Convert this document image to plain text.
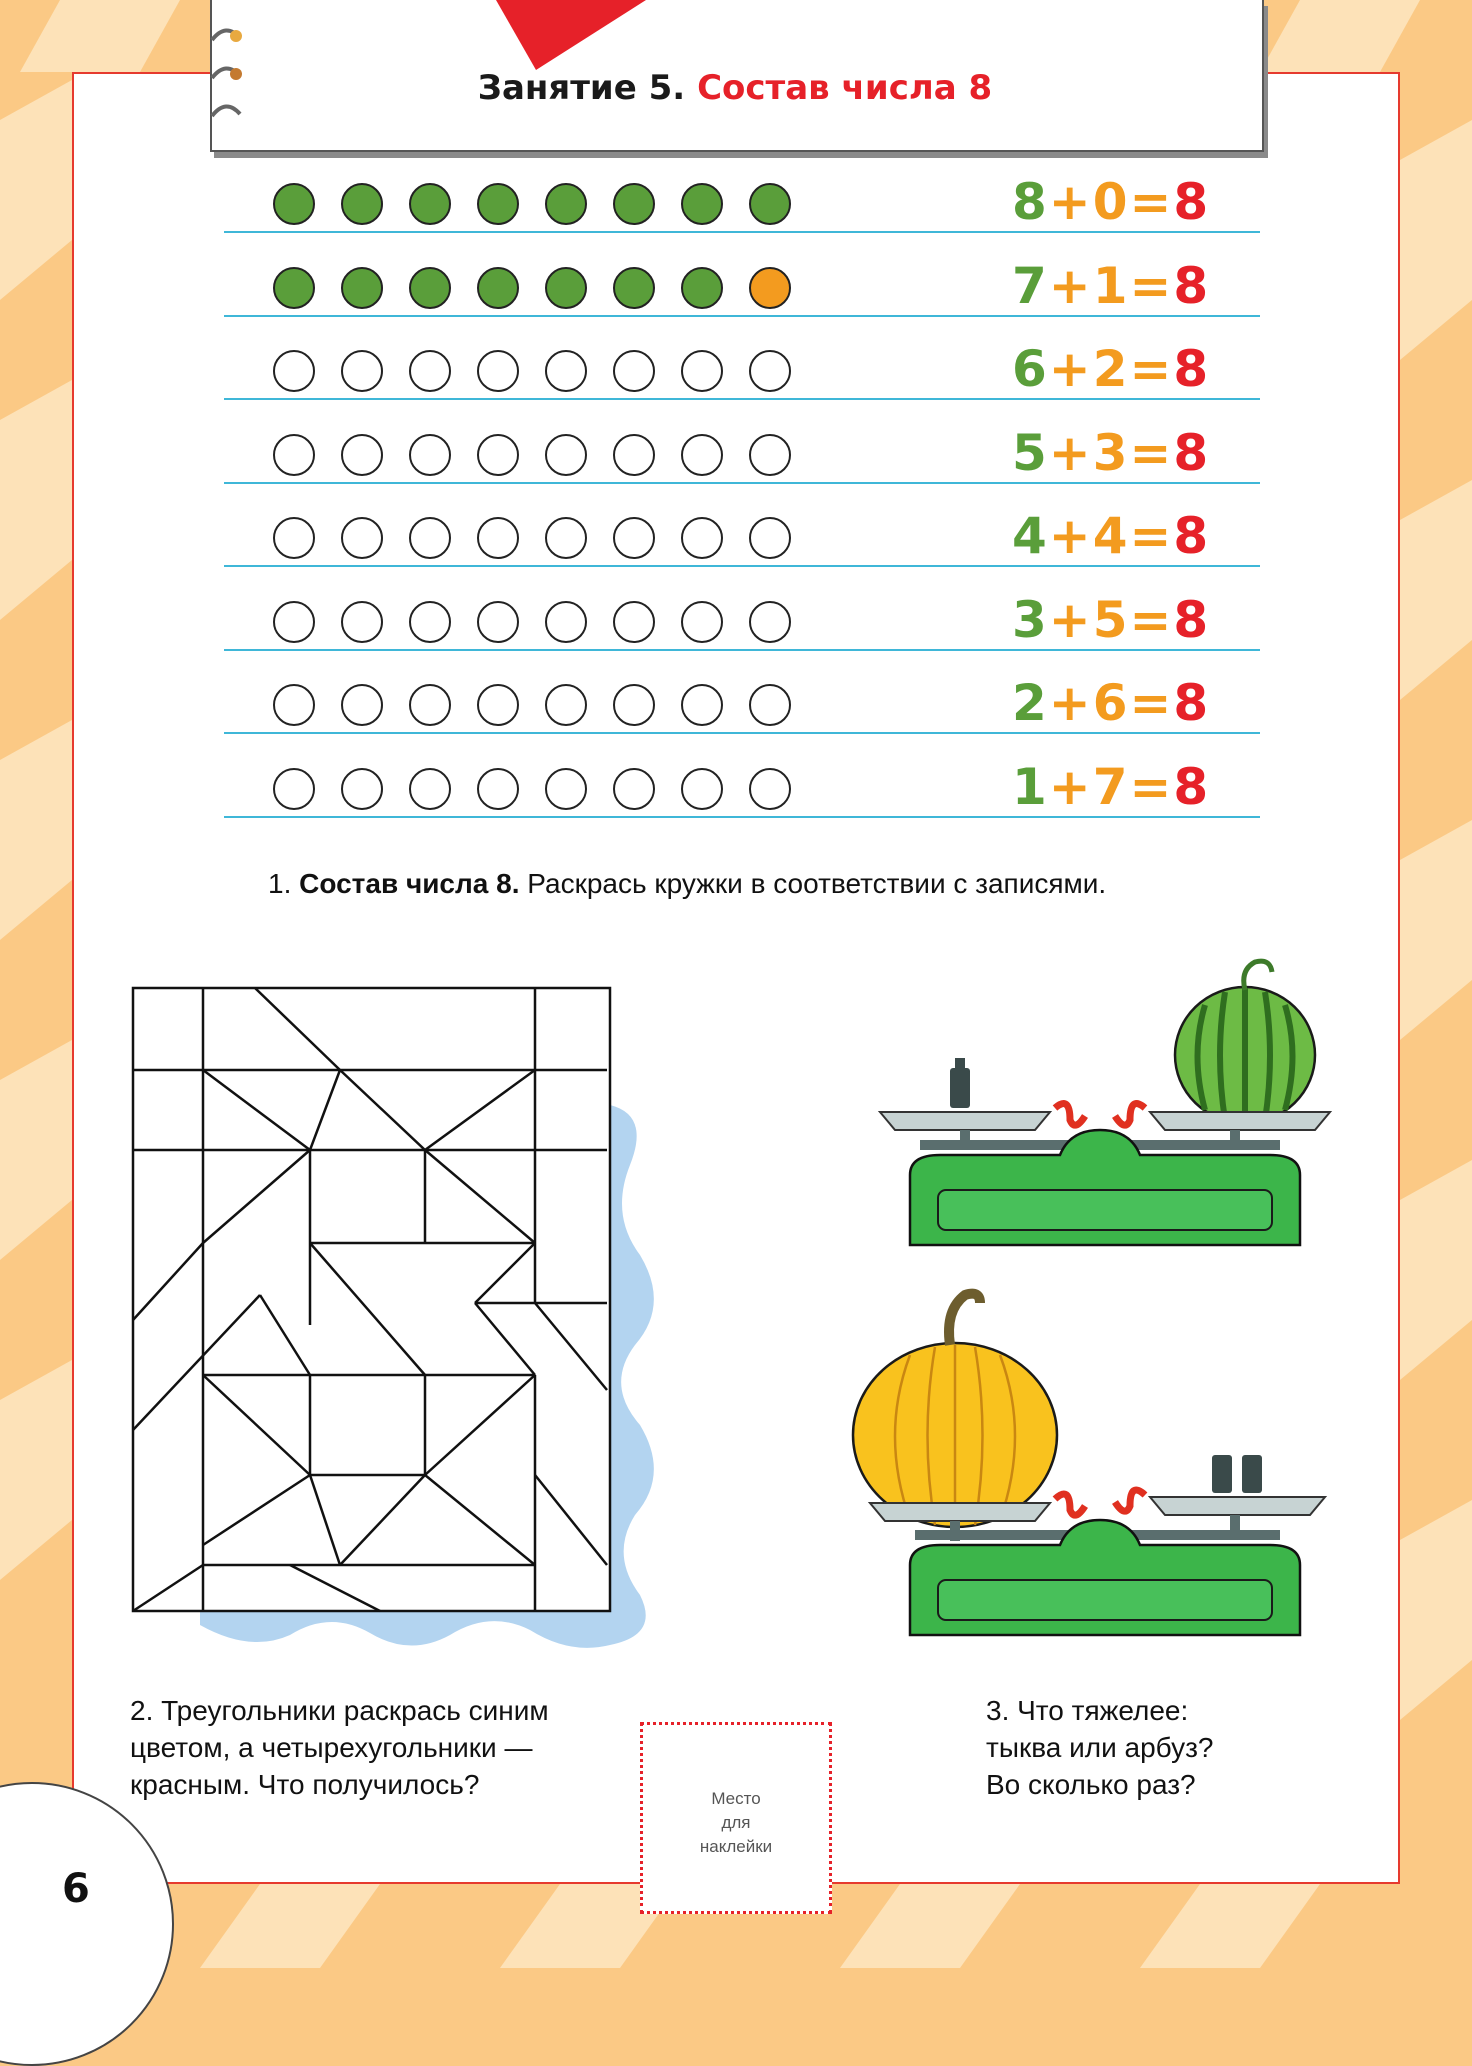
Занятие 5. Состав числа 8
8+0=8
7+1=8
6+2=8
5+3=8
4+4=8
3+5=8
2+6=8
1+7=8
1. Состав числа 8. Раскрась кружки в соответствии с записями.
2. Треугольники раскрась синим
цветом, а четырехугольники —
красным. Что получилось?	Место
для
наклейки
3. Что тяжелее:
тыква или арбуз?
Во сколько раз?
6
